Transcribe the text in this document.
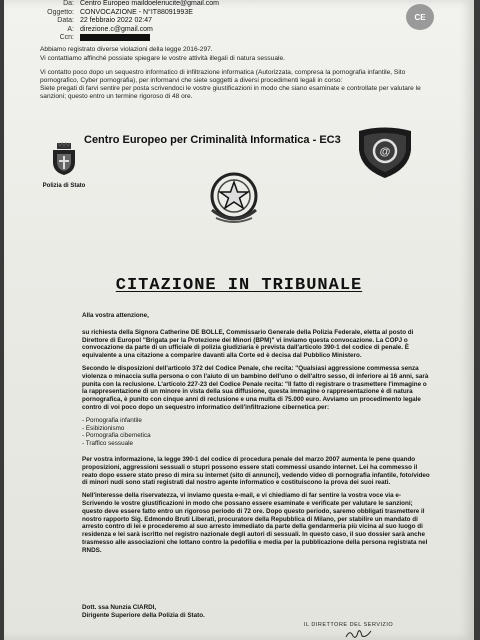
Da: Centro Europeo maildoeleriucite@gmail.com
Oggetto: CONVOCAZIONE - N°IT88091993E
Data: 22 febbraio 2022 02:47
A: direzione.c@gmail.com
Ccn:
CE

Abbiamo registrato diverse violazioni della legge 2016-297.

Vi contattiamo affinché possiate spiegare le vostre attività illegali di natura sessuale.

Vi contatto poco dopo un sequestro informatico di infiltrazione informatica (Autorizzata, compresa la pornografia infantile, Sito pornografico, Cyber pornografia), per informarvi che siete soggetti a diversi procedimenti legali in corso:

Siete pregati di farvi sentire per posta scrivendoci le vostre giustificazioni in modo che siano esaminate e controllate per valutare le sanzioni; questo entro un termine rigoroso di 48 ore.

Polizia di Stato
Centro Europeo per Criminalità Informatica - EC3
@
CITAZIONE IN TRIBUNALE

Alla vostra attenzione,

su richiesta della Signora Catherine DE BOLLE, Commissario Generale della Polizia Federale, eletta al posto di Direttore di Europol "Brigata per la Protezione dei Minori (BPM)" vi inviamo questa convocazione. La COPJ o convocazione da parte di un ufficiale di polizia giudiziaria è prevista dall'articolo 390-1 del codice di penale. È equivalente a una citazione a comparire davanti alla Corte ed è decisa dal Pubblico Ministero.

Secondo le disposizioni dell'articolo 372 del Codice Penale, che recita: "Qualsiasi aggressione commessa senza violenza o minaccia sulla persona o con l'aiuto di un bambino dell'uno o dell'altro sesso, di inferiore ai 16 anni, sarà punita con la reclusione. L'articolo 227-23 del Codice Penale recita: "Il fatto di registrare o trasmettere l'immagine o la rappresentazione di un minore in vista della sua diffusione, questa immagine o rappresentazione è di natura pornografica, è punito con cinque anni di reclusione e una multa di 75.000 euro. Avviamo un procedimento legale contro di voi poco dopo un sequestro informatico dell'infiltrazione cibernetica per:

- Pornografia infantile
- Esibizionismo
- Pornografia cibernetica
- Traffico sessuale

Per vostra informazione, la legge 390-1 del codice di procedura penale del marzo 2007 aumenta le pene quando proposizioni, aggressioni sessuali o stupri possono essere stati commessi usando internet. Lei ha commesso il reato dopo essere stato preso di mira su internet (sito di annunci), vedendo video di pornografia infantile, foto/video di minori nudi sono stati registrati dal nostro agente informatico e costituiscono la prova dei suoi reati.

Nell'interesse della riservatezza, vi inviamo questa e-mail, e vi chiediamo di far sentire la vostra voce via e- Scrivendo le vostre giustificazioni in modo che possano essere esaminate e verificate per valutare le sanzioni; questo deve essere fatto entro un rigoroso periodo di 72 ore. Dopo questo periodo, saremo obbligati trasmettere il nostro rapporto Sig. Edmondo Bruti Liberati, procuratore della Repubblica di Milano, per stabilire un mandato di arresto contro di lei e procederemo al suo arresto immediato da parte della gendarmeria più vicina al suo luogo di residenza e lei sarà iscritto nel registro nazionale degli autori di sessuali. In questo caso, il suo dossier sarà anche trasmesso alle associazioni che lottano contro la pedofilia e media per la pubblicazione della persona registrata nel RNDS.

Dott. ssa Nunzia CIARDI,
Dirigente Superiore della Polizia di Stato.
IL DIRETTORE DEL SERVIZIO
